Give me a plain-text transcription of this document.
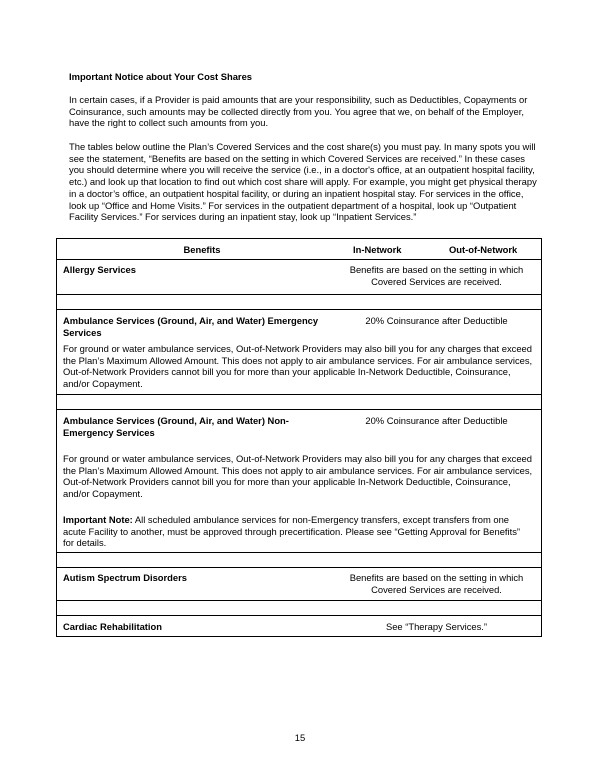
Important Notice about Your Cost Shares
In certain cases, if a Provider is paid amounts that are your responsibility, such as Deductibles, Copayments or Coinsurance, such amounts may be collected directly from you. You agree that we, on behalf of the Employer, have the right to collect such amounts from you.
The tables below outline the Plan’s Covered Services and the cost share(s) you must pay. In many spots you will see the statement, “Benefits are based on the setting in which Covered Services are received.” In these cases you should determine where you will receive the service (i.e., in a doctor's office, at an outpatient hospital facility, etc.) and look up that location to find out which cost share will apply. For example, you might get physical therapy in a doctor’s office, an outpatient hospital facility, or during an inpatient hospital stay. For services in the office, look up “Office and Home Visits.” For services in the outpatient department of a hospital, look up “Outpatient Facility Services.” For services during an inpatient stay, look up “Inpatient Services.”
Benefits	In-Network	Out-of-Network

Allergy Services	Benefits are based on the setting in which Covered Services are received.

Ambulance Services (Ground, Air, and Water) Emergency Services
20% Coinsurance after Deductible
For ground or water ambulance services, Out-of-Network Providers may also bill you for any charges that exceed the Plan’s Maximum Allowed Amount. This does not apply to air ambulance services. For air ambulance services, Out-of-Network Providers cannot bill you for more than your applicable In-Network Deductible, Coinsurance, and/or Copayment.

Ambulance Services (Ground, Air, and Water) Non-Emergency Services
20% Coinsurance after Deductible
For ground or water ambulance services, Out-of-Network Providers may also bill you for any charges that exceed the Plan’s Maximum Allowed Amount. This does not apply to air ambulance services. For air ambulance services, Out-of-Network Providers cannot bill you for more than your applicable In-Network Deductible, Coinsurance, and/or Copayment.
Important Note: All scheduled ambulance services for non-Emergency transfers, except transfers from one acute Facility to another, must be approved through precertification. Please see “Getting Approval for Benefits” for details.

Autism Spectrum Disorders	Benefits are based on the setting in which Covered Services are received.

Cardiac Rehabilitation	See “Therapy Services.”
15
